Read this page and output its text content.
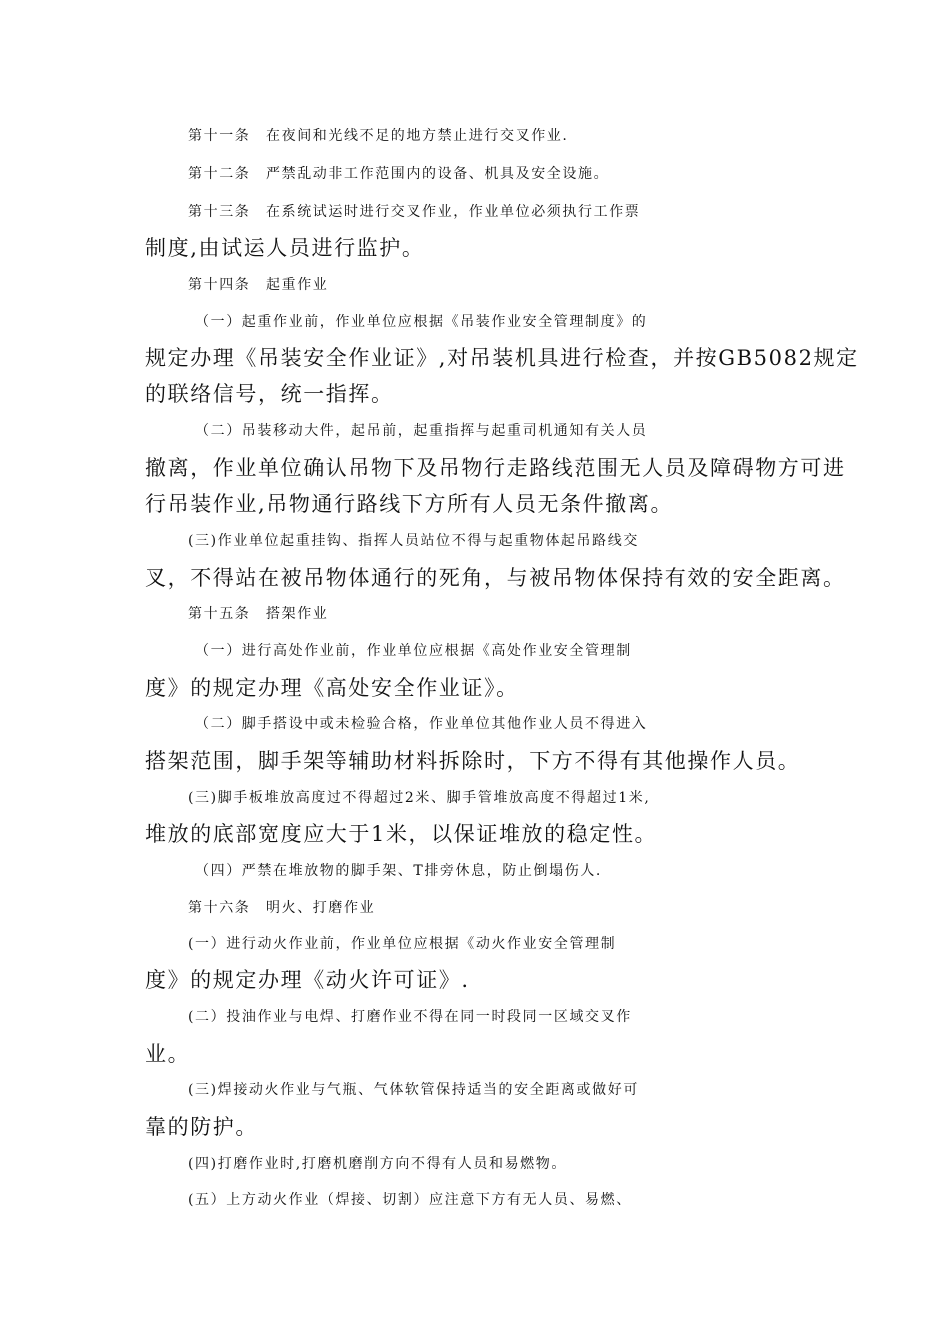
第十一条　在夜间和光线不足的地方禁止进行交叉作业.
第十二条　严禁乱动非工作范围内的设备、机具及安全设施。
第十三条　在系统试运时进行交叉作业，作业单位必须执行工作票
制度,由试运人员进行监护。
第十四条　起重作业
（一）起重作业前，作业单位应根据《吊装作业安全管理制度》的
规定办理《吊装安全作业证》,对吊装机具进行检查，并按GB5082规定
的联络信号，统一指挥。
（二）吊装移动大件，起吊前，起重指挥与起重司机通知有关人员
撤离，作业单位确认吊物下及吊物行走路线范围无人员及障碍物方可进
行吊装作业,吊物通行路线下方所有人员无条件撤离。
(三)作业单位起重挂钩、指挥人员站位不得与起重物体起吊路线交
叉，不得站在被吊物体通行的死角，与被吊物体保持有效的安全距离。
第十五条　搭架作业
（一）进行高处作业前，作业单位应根据《高处作业安全管理制
度》的规定办理《高处安全作业证》。
（二）脚手搭设中或未检验合格，作业单位其他作业人员不得进入
搭架范围，脚手架等辅助材料拆除时，下方不得有其他操作人员。
(三)脚手板堆放高度过不得超过2米、脚手管堆放高度不得超过1米,
堆放的底部宽度应大于1米，以保证堆放的稳定性。
（四）严禁在堆放物的脚手架、T排旁休息，防止倒塌伤人.
第十六条　明火、打磨作业
(一）进行动火作业前，作业单位应根据《动火作业安全管理制
度》的规定办理《动火许可证》.
(二）投油作业与电焊、打磨作业不得在同一时段同一区域交叉作
业。
(三)焊接动火作业与气瓶、气体软管保持适当的安全距离或做好可
靠的防护。
(四)打磨作业时,打磨机磨削方向不得有人员和易燃物。
(五）上方动火作业（焊接、切割）应注意下方有无人员、易燃、
